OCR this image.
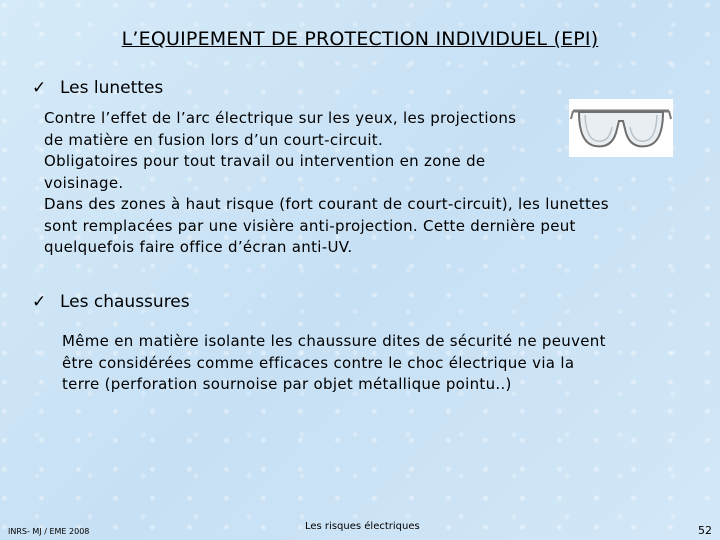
L’EQUIPEMENT DE PROTECTION INDIVIDUEL (EPI)
✓ Les lunettes
Contre l’effet de l’arc électrique sur les yeux, les projections
de matière en fusion lors d’un court-circuit.
Obligatoires pour tout travail ou intervention en zone de
voisinage.
Dans des zones à haut risque (fort courant de court-circuit), les lunettes
sont remplacées par une visière anti-projection. Cette dernière peut
quelquefois faire office d’écran anti-UV.
✓ Les chaussures
Même en matière isolante les chaussure dites de sécurité ne peuvent
être considérées comme efficaces contre le choc électrique via la
terre (perforation sournoise par objet métallique pointu..)
INRS- MJ / EME 2008	Les risques électriques	52
